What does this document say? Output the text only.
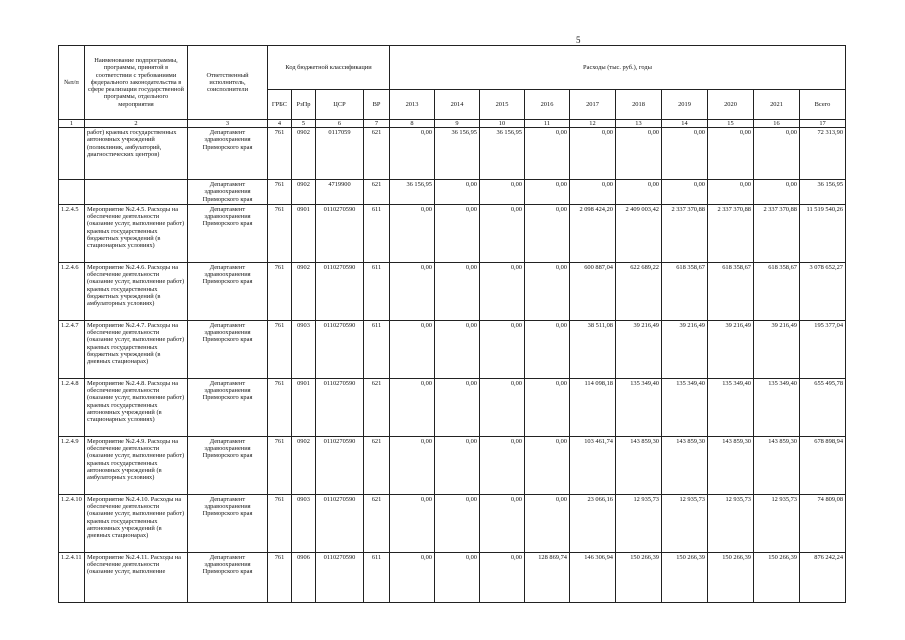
5
№п/п	Наименование подпрограммы, программы, принятой в соответствии с требованиями федерального законодательства в сфере реализации государственной программы, отдельного мероприятия	Ответственный исполнитель, соисполнители	Код бюджетной классификации				Расходы (тыс. руб.), годы									
			ГРБС	РзПр	ЦСР	ВР	2013	2014	2015	2016	2017	2018	2019	2020	2021	Всего
1	2	3	4	5	6	7	8	9	10	11	12	13	14	15	16	17
	работ) краевых государственных автономных учреждений (поликлиник, амбулаторий, диагностических центров)	Департамент здравоохранения Приморского края	761	0902	0117059	621	0,00	36 156,95	36 156,95	0,00	0,00	0,00	0,00	0,00	0,00	72 313,90
		Департамент здравоохранения Приморского края	761	0902	4719900	621	36 156,95	0,00	0,00	0,00	0,00	0,00	0,00	0,00	0,00	36 156,95
1.2.4.5	Мероприятие №2.4.5. Расходы на обеспечение деятельности (оказание услуг, выполнение работ) краевых государственных бюджетных учреждений (в стационарных условиях)	Департамент здравоохранения Приморского края	761	0901	0110270590	611	0,00	0,00	0,00	0,00	2 098 424,20	2 409 003,42	2 337 370,88	2 337 370,88	2 337 370,88	11 519 540,26
1.2.4.6	Мероприятие №2.4.6. Расходы на обеспечение деятельности (оказание услуг, выполнение работ) краевых государственных бюджетных учреждений (в амбулаторных условиях)	Департамент здравоохранения Приморского края	761	0902	0110270590	611	0,00	0,00	0,00	0,00	600 887,04	622 689,22	618 358,67	618 358,67	618 358,67	3 078 652,27
1.2.4.7	Мероприятие №2.4.7. Расходы на обеспечение деятельности (оказание услуг, выполнение работ) краевых государственных бюджетных учреждений (в дневных стационарах)	Департамент здравоохранения Приморского края	761	0903	0110270590	611	0,00	0,00	0,00	0,00	38 511,08	39 216,49	39 216,49	39 216,49	39 216,49	195 377,04
1.2.4.8	Мероприятие №2.4.8. Расходы на обеспечение деятельности (оказание услуг, выполнение работ) краевых государственных автономных учреждений (в стационарных условиях)	Департамент здравоохранения Приморского края	761	0901	0110270590	621	0,00	0,00	0,00	0,00	114 098,18	135 349,40	135 349,40	135 349,40	135 349,40	655 495,78
1.2.4.9	Мероприятие №2.4.9. Расходы на обеспечение деятельности (оказание услуг, выполнение работ) краевых государственных автономных учреждений (в амбулаторных условиях)	Департамент здравоохранения Приморского края	761	0902	0110270590	621	0,00	0,00	0,00	0,00	103 461,74	143 859,30	143 859,30	143 859,30	143 859,30	678 898,94
1.2.4.10	Мероприятие №2.4.10. Расходы на обеспечение деятельности (оказание услуг, выполнение работ) краевых государственных автономных учреждений (в дневных стационарах)	Департамент здравоохранения Приморского края	761	0903	0110270590	621	0,00	0,00	0,00	0,00	23 066,16	12 935,73	12 935,73	12 935,73	12 935,73	74 809,08
1.2.4.11	Мероприятие №2.4.11. Расходы на обеспечение деятельности (оказание услуг, выполнение	Департамент здравоохранения Приморского края	761	0906	0110270590	611	0,00	0,00	0,00	128 869,74	146 306,94	150 266,39	150 266,39	150 266,39	150 266,39	876 242,24
